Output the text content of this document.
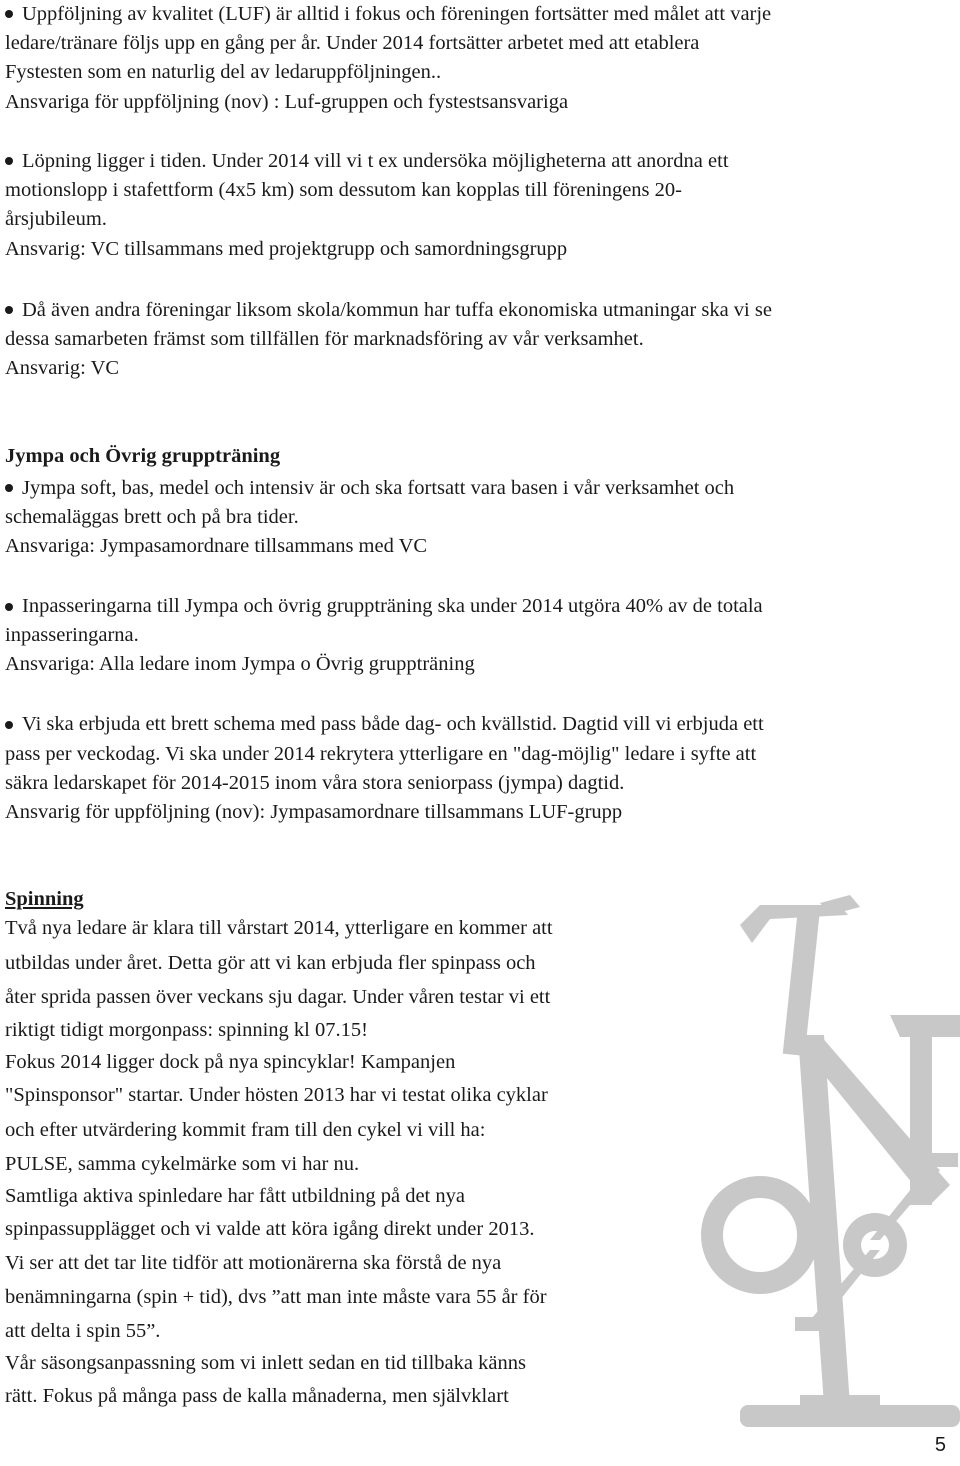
Uppföljning av kvalitet (LUF) är alltid i fokus och föreningen fortsätter med målet att varje
ledare/tränare följs upp en gång per år. Under 2014 fortsätter arbetet med att etablera
Fystesten som en naturlig del av ledaruppföljningen..
Ansvariga för uppföljning (nov) : Luf-gruppen och fystestsansvariga
Löpning ligger i tiden. Under 2014 vill vi t ex undersöka möjligheterna att anordna ett
motionslopp i stafettform (4x5 km) som dessutom kan kopplas till föreningens 20-
årsjubileum.
Ansvarig: VC tillsammans med projektgrupp och samordningsgrupp
Då även andra föreningar liksom skola/kommun har tuffa ekonomiska utmaningar ska vi se
dessa samarbeten främst som tillfällen för marknadsföring av vår verksamhet.
Ansvarig: VC
Jympa och Övrig gruppträning
Jympa soft, bas, medel och intensiv är och ska fortsatt vara basen i vår verksamhet och
schemaläggas brett och på bra tider.
Ansvariga: Jympasamordnare tillsammans med VC
Inpasseringarna till Jympa och övrig gruppträning ska under 2014 utgöra 40% av de totala
inpasseringarna.
Ansvariga: Alla ledare inom Jympa o Övrig gruppträning
Vi ska erbjuda ett brett schema med pass både dag- och kvällstid. Dagtid vill vi erbjuda ett
pass per veckodag. Vi ska under 2014 rekrytera ytterligare en "dag-möjlig" ledare i syfte att
säkra ledarskapet för 2014-2015 inom våra stora seniorpass (jympa) dagtid.
Ansvarig för uppföljning (nov): Jympasamordnare tillsammans LUF-grupp
Spinning
Två nya ledare är klara till vårstart 2014, ytterligare en kommer att
utbildas under året. Detta gör att vi kan erbjuda fler spinpass och
åter sprida passen över veckans sju dagar. Under våren testar vi ett
riktigt tidigt morgonpass: spinning kl 07.15!
Fokus 2014 ligger dock på nya spincyklar! Kampanjen
"Spinsponsor" startar. Under hösten 2013 har vi testat olika cyklar
och efter utvärdering kommit fram till den cykel vi vill ha:
PULSE, samma cykelmärke som vi har nu.
Samtliga aktiva spinledare har fått utbildning på det nya
spinpassupplägget och vi valde att köra igång direkt under 2013.
Vi ser att det tar lite tidför att motionärerna ska förstå de nya
benämningarna (spin + tid), dvs ”att man inte måste vara 55 år för
att delta i spin 55”.
Vår säsongsanpassning som vi inlett sedan en tid tillbaka känns
rätt. Fokus på många pass de kalla månaderna, men självklart
5
